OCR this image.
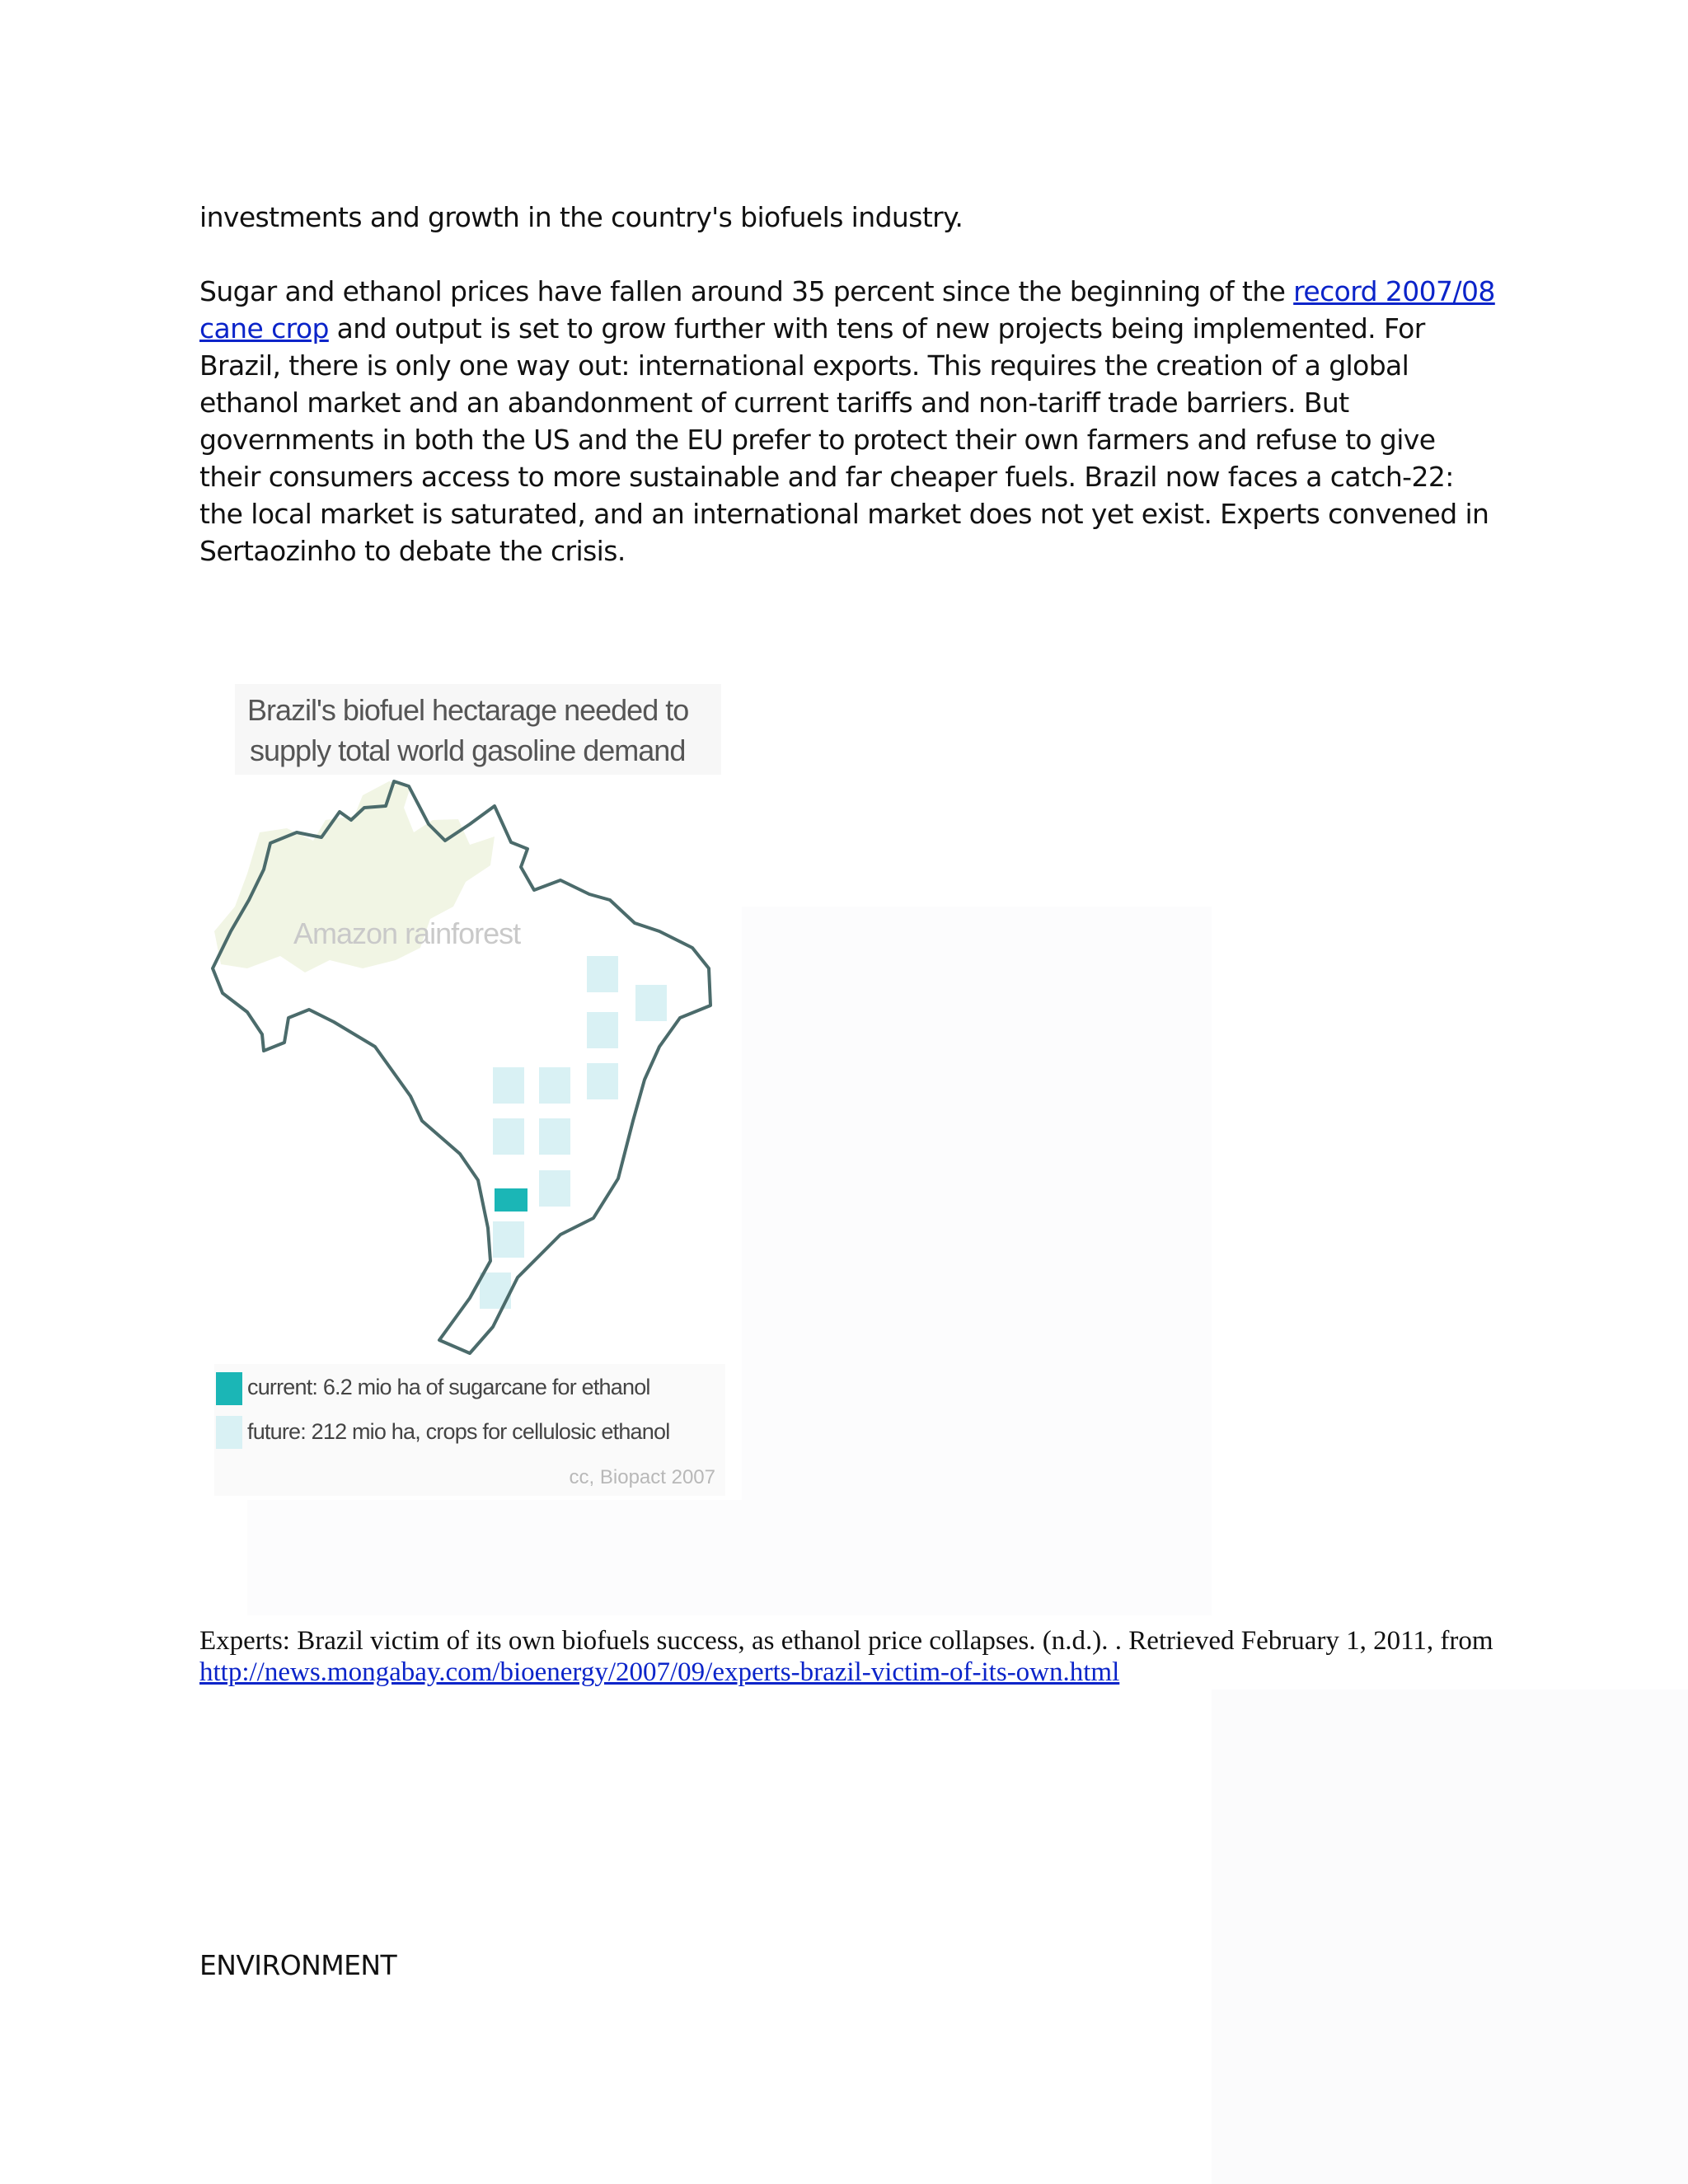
investments and growth in the country's biofuels industry.

Sugar and ethanol prices have fallen around 35 percent since the beginning of the record 2007/08 cane crop and output is set to grow further with tens of new projects being implemented. For Brazil, there is only one way out: international exports. This requires the creation of a global ethanol market and an abandonment of current tariffs and non-tariff trade barriers. But governments in both the US and the EU prefer to protect their own farmers and refuse to give their consumers access to more sustainable and far cheaper fuels. Brazil now faces a catch-22: the local market is saturated, and an international market does not yet exist. Experts convened in Sertaozinho to debate the crisis.

Brazil's biofuel hectarage needed to
supply total world gasoline demand
Amazon rainforest
current: 6.2 mio ha of sugarcane for ethanol
future: 212 mio ha, crops for cellulosic ethanol
cc, Biopact 2007

Experts: Brazil victim of its own biofuels success, as ethanol price collapses. (n.d.). . Retrieved February 1, 2011, from http://news.mongabay.com/bioenergy/2007/09/experts-brazil-victim-of-its-own.html

ENVIRONMENT
